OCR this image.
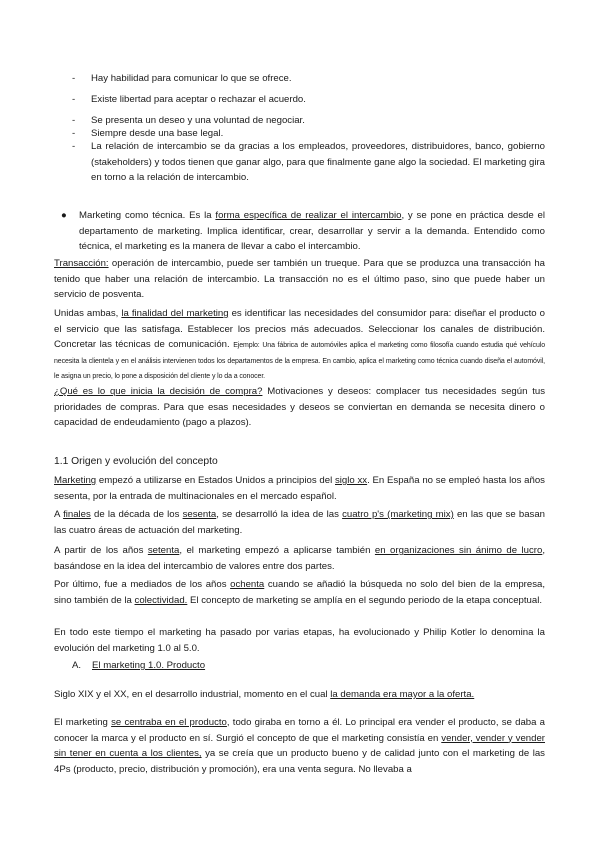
- Hay habilidad para comunicar lo que se ofrece.

- Existe libertad para aceptar o rechazar el acuerdo.

- Se presenta un deseo y una voluntad de negociar.

- Siempre desde una base legal.

- La relación de intercambio se da gracias a los empleados, proveedores, distribuidores, banco, gobierno (stakeholders) y todos tienen que ganar algo, para que finalmente gane algo la sociedad. El marketing gira en torno a la relación de intercambio.

● Marketing como técnica. Es la forma específica de realizar el intercambio, y se pone en práctica desde el departamento de marketing. Implica identificar, crear, desarrollar y servir a la demanda. Entendido como técnica, el marketing es la manera de llevar a cabo el intercambio.

Transacción: operación de intercambio, puede ser también un trueque. Para que se produzca una transacción ha tenido que haber una relación de intercambio. La transacción no es el último paso, sino que puede haber un servicio de posventa.

Unidas ambas, la finalidad del marketing es identificar las necesidades del consumidor para: diseñar el producto o el servicio que las satisfaga. Establecer los precios más adecuados. Seleccionar los canales de distribución. Concretar las técnicas de comunicación. Ejemplo: Una fábrica de automóviles aplica el marketing como filosofía cuando estudia qué vehículo necesita la clientela y en el análisis intervienen todos los departamentos de la empresa. En cambio, aplica el marketing como técnica cuando diseña el automóvil, le asigna un precio, lo pone a disposición del cliente y lo da a conocer.

¿Qué es lo que inicia la decisión de compra? Motivaciones y deseos: complacer tus necesidades según tus prioridades de compras. Para que esas necesidades y deseos se conviertan en demanda se necesita dinero o capacidad de endeudamiento (pago a plazos).

1.1 Origen y evolución del concepto

Marketing empezó a utilizarse en Estados Unidos a principios del siglo xx. En España no se empleó hasta los años sesenta, por la entrada de multinacionales en el mercado español.

A finales de la década de los sesenta, se desarrolló la idea de las cuatro p's (marketing mix) en las que se basan las cuatro áreas de actuación del marketing.

A partir de los años setenta, el marketing empezó a aplicarse también en organizaciones sin ánimo de lucro, basándose en la idea del intercambio de valores entre dos partes.

Por último, fue a mediados de los años ochenta cuando se añadió la búsqueda no solo del bien de la empresa, sino también de la colectividad. El concepto de marketing se amplía en el segundo periodo de la etapa conceptual.

En todo este tiempo el marketing ha pasado por varias etapas, ha evolucionado y Philip Kotler lo denomina la evolución del marketing 1.0 al 5.0.

A. El marketing 1.0. Producto

Siglo XIX y el XX, en el desarrollo industrial, momento en el cual la demanda era mayor a la oferta.

El marketing se centraba en el producto, todo giraba en torno a él. Lo principal era vender el producto, se daba a conocer la marca y el producto en sí. Surgió el concepto de que el marketing consistía en vender, vender y vender sin tener en cuenta a los clientes, ya se creía que un producto bueno y de calidad junto con el marketing de las 4Ps (producto, precio, distribución y promoción), era una venta segura. No llevaba a
